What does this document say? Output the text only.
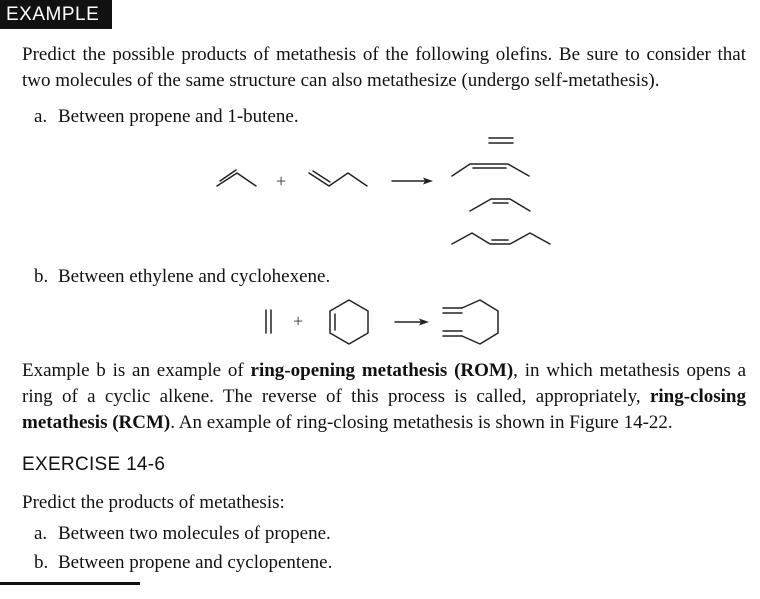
EXAMPLE
Predict the possible products of metathesis of the following olefins. Be sure to consider that two molecules of the same structure can also metathesize (undergo self-metathesis).
a. Between propene and 1-butene.
+
b. Between ethylene and cyclohexene.
+
Example b is an example of ring-opening metathesis (ROM), in which metathesis opens a ring of a cyclic alkene. The reverse of this process is called, appropriately, ring-closing metathesis (RCM). An example of ring-closing metathesis is shown in Figure 14-22.
EXERCISE 14-6
Predict the products of metathesis:
a. Between two molecules of propene.
b. Between propene and cyclopentene.
